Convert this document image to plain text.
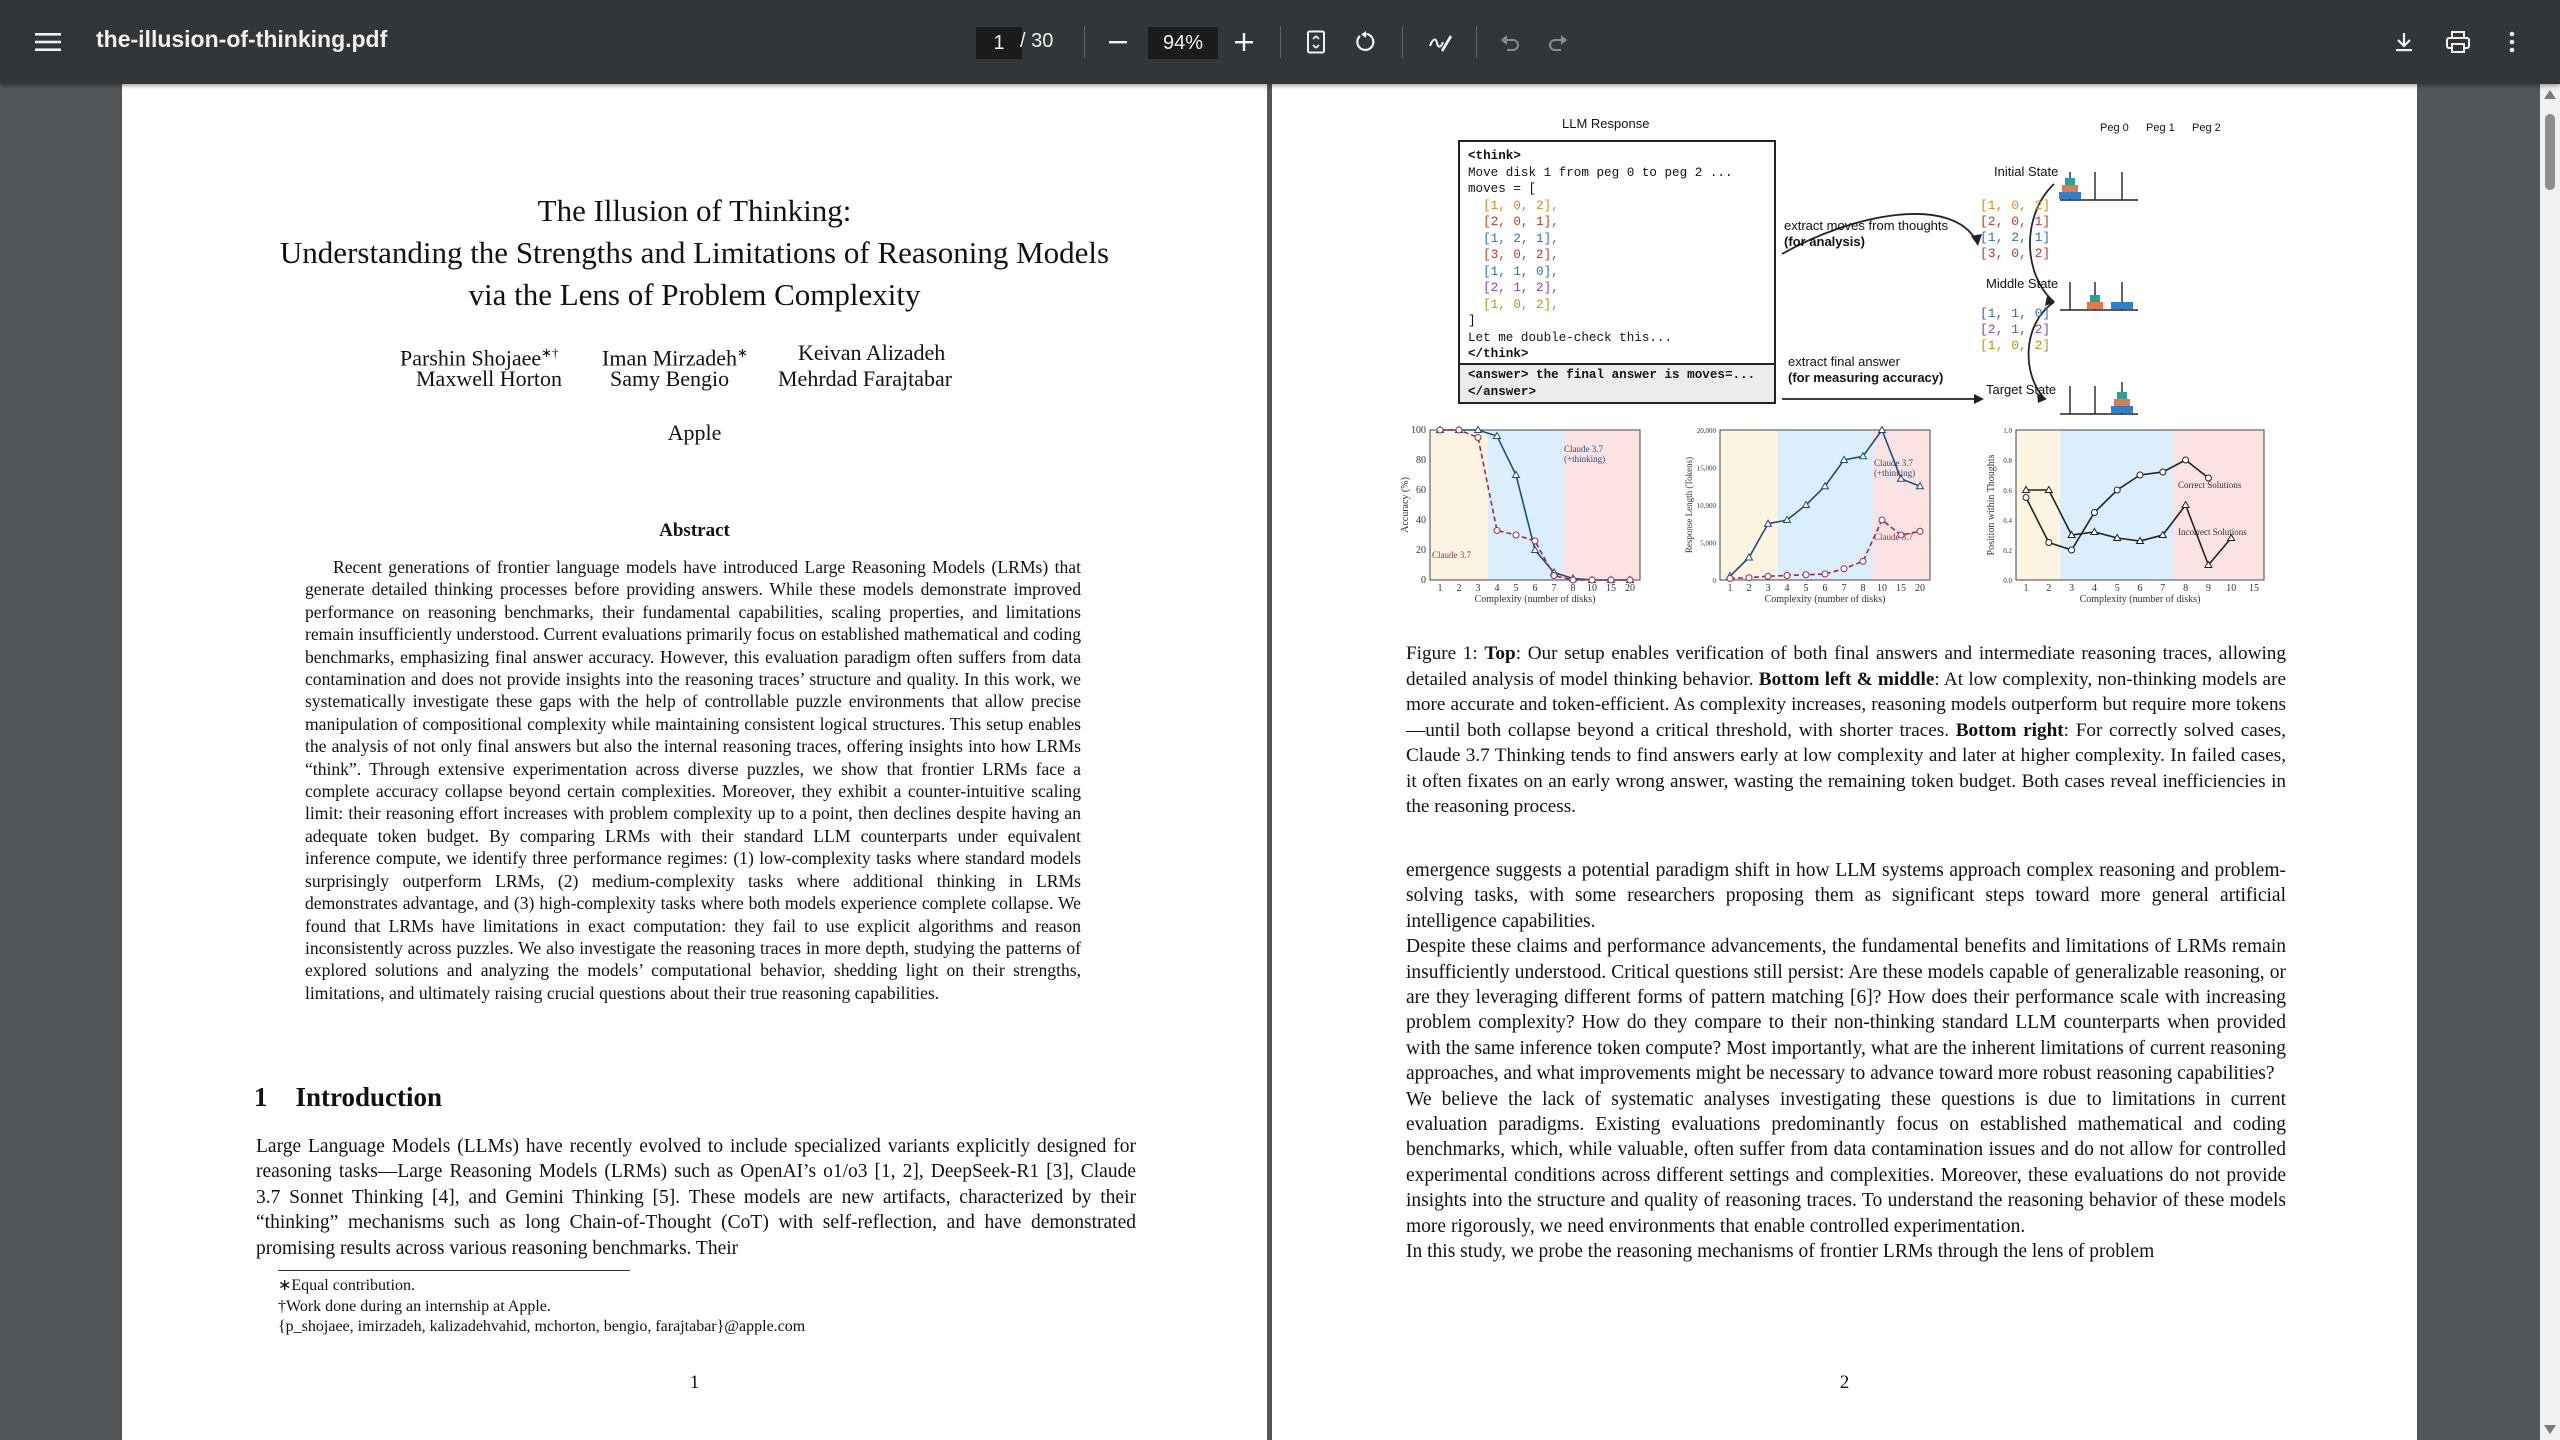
the-illusion-of-thinking.pdf
1	/ 30
94%
The Illusion of Thinking:
Understanding the Strengths and Limitations of Reasoning Models
via the Lens of Problem Complexity
Parshin Shojaee∗† Iman Mirzadeh∗ Keivan Alizadeh
Maxwell Horton Samy Bengio Mehrdad Farajtabar
Apple
Abstract
Recent generations of frontier language models have introduced Large Reasoning Models (LRMs) that generate detailed thinking processes before providing answers. While these models demonstrate improved performance on reasoning benchmarks, their fundamental capabilities, scaling properties, and limitations remain insufficiently understood. Current evaluations primarily focus on established mathematical and coding benchmarks, emphasizing final answer accuracy. However, this evaluation paradigm often suffers from data contamination and does not provide insights into the reasoning traces’ structure and quality. In this work, we systematically investigate these gaps with the help of controllable puzzle environments that allow precise manipulation of compositional complexity while maintaining consistent logical structures. This setup enables the analysis of not only final answers but also the internal reasoning traces, offering insights into how LRMs “think”. Through extensive experimentation across diverse puzzles, we show that frontier LRMs face a complete accuracy collapse beyond certain complexities. Moreover, they exhibit a counter-intuitive scaling limit: their reasoning effort increases with problem complexity up to a point, then declines despite having an adequate token budget. By comparing LRMs with their standard LLM counterparts under equivalent inference compute, we identify three performance regimes: (1) low-complexity tasks where standard models surprisingly outperform LRMs, (2) medium-complexity tasks where additional thinking in LRMs demonstrates advantage, and (3) high-complexity tasks where both models experience complete collapse. We found that LRMs have limitations in exact computation: they fail to use explicit algorithms and reason inconsistently across puzzles. We also investigate the reasoning traces in more depth, studying the patterns of explored solutions and analyzing the models’ computational behavior, shedding light on their strengths, limitations, and ultimately raising crucial questions about their true reasoning capabilities.
1 Introduction
Large Language Models (LLMs) have recently evolved to include specialized variants explicitly designed for reasoning tasks—Large Reasoning Models (LRMs) such as OpenAI’s o1/o3 [1, 2], DeepSeek-R1 [3], Claude 3.7 Sonnet Thinking [4], and Gemini Thinking [5]. These models are new artifacts, characterized by their “thinking” mechanisms such as long Chain-of-Thought (CoT) with self-reflection, and have demonstrated promising results across various reasoning benchmarks. Their
∗Equal contribution.
†Work done during an internship at Apple.
{p_shojaee, imirzadeh, kalizadehvahid, mchorton, bengio, farajtabar}@apple.com
1
LLM Response
<think>
Move disk 1 from peg 0 to peg 2 ...
moves = [
[1, 0, 2],
[2, 0, 1],
[1, 2, 1],
[3, 0, 2],
[1, 1, 0],
[2, 1, 2],
[1, 0, 2],
]
Let me double-check this...
</think>
<answer> the final answer is moves=...
</answer>
extract moves from thoughts
(for analysis)
extract final answer
(for measuring accuracy)
[1, 0, 2]
[2, 0, 1]
[1, 2, 1]
[3, 0, 2]
[1, 1, 0]
[2, 1, 2]
[1, 0, 2]
Peg 0 Peg 1 Peg 2
Initial State
Middle State
Target State
0
20
40
60
80
100
1 2 3 4 5 6 7 8 10 15 20
Complexity (number of disks)
Accuracy (%)
0
5,000
10,000
15,000
20,000
1 2 3 4 5 6 7 8 10 15 20
Complexity (number of disks)
Response Length (Tokens)
0.0
0.2
0.4
0.6
0.8
1.0
1 2 3 4 5 6 7 8 9 10 15
Complexity (number of disks)
Position within Thoughts
Claude 3.7
(+thinking)
Claude 3.7
Claude 3.7
(+thinking)
Claude 3.7
Correct Solutions
Incorrect Solutions
Figure 1: Top: Our setup enables verification of both final answers and intermediate reasoning traces, allowing detailed analysis of model thinking behavior. Bottom left & middle: At low complexity, non-thinking models are more accurate and token-efficient. As complexity increases, reasoning models outperform but require more tokens—until both collapse beyond a critical threshold, with shorter traces. Bottom right: For correctly solved cases, Claude 3.7 Thinking tends to find answers early at low complexity and later at higher complexity. In failed cases, it often fixates on an early wrong answer, wasting the remaining token budget. Both cases reveal inefficiencies in the reasoning process.

emergence suggests a potential paradigm shift in how LLM systems approach complex reasoning and problem-solving tasks, with some researchers proposing them as significant steps toward more general artificial intelligence capabilities.

Despite these claims and performance advancements, the fundamental benefits and limitations of LRMs remain insufficiently understood. Critical questions still persist: Are these models capable of generalizable reasoning, or are they leveraging different forms of pattern matching [6]? How does their performance scale with increasing problem complexity? How do they compare to their non-thinking standard LLM counterparts when provided with the same inference token compute? Most importantly, what are the inherent limitations of current reasoning approaches, and what improvements might be necessary to advance toward more robust reasoning capabilities?

We believe the lack of systematic analyses investigating these questions is due to limitations in current evaluation paradigms. Existing evaluations predominantly focus on established mathematical and coding benchmarks, which, while valuable, often suffer from data contamination issues and do not allow for controlled experimental conditions across different settings and complexities. Moreover, these evaluations do not provide insights into the structure and quality of reasoning traces. To understand the reasoning behavior of these models more rigorously, we need environments that enable controlled experimentation.

In this study, we probe the reasoning mechanisms of frontier LRMs through the lens of problem

2
